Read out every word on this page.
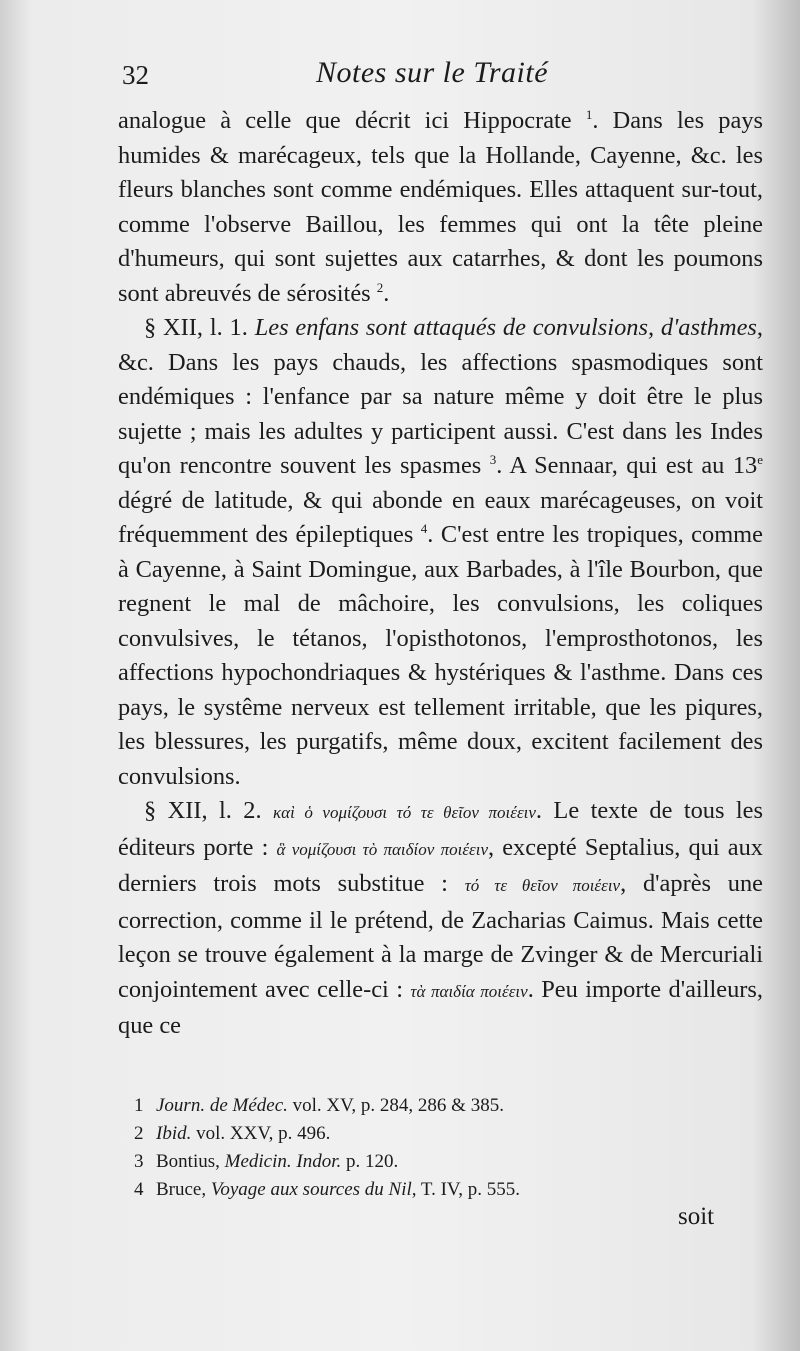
32	Notes sur le Traité

analogue à celle que décrit ici Hippocrate $^1$. Dans les pays humides & marécageux, tels que la Hollande, Cayenne, &c. les fleurs blanches sont comme endémiques. Elles attaquent sur-tout, comme l'observe Baillou, les femmes qui ont la tête pleine d'humeurs, qui sont sujettes aux catarrhes, & dont les poumons sont abreuvés de sérosités $^2$.

§ XII, l. 1. Les enfans sont attaqués de convulsions, d'asthmes, &c. Dans les pays chauds, les affections spasmodiques sont endémiques : l'enfance par sa nature même y doit être le plus sujette ; mais les adultes y participent aussi. C'est dans les Indes qu'on rencontre souvent les spasmes $^3$. A Sennaar, qui est au 13e dégré de latitude, & qui abonde en eaux marécageuses, on voit fréquemment des épileptiques $^4$. C'est entre les tropiques, comme à Cayenne, à Saint Domingue, aux Barbades, à l'île Bourbon, que regnent le mal de mâchoire, les convulsions, les coliques convulsives, le tétanos, l'opisthotonos, l'emprosthotonos, les affections hypochondriaques & hystériques & l'asthme. Dans ces pays, le systême nerveux est tellement irritable, que les piqures, les blessures, les purgatifs, même doux, excitent facilement des convulsions.

§ XII, l. 2. καὶ ὁ νομίζουσι τό τε θεῖον ποιέειν. Le texte de tous les éditeurs porte : ἃ νομίζουσι τὸ παιδίον ποιέειν, excepté Septalius, qui aux derniers trois mots substitue : τό τε θεῖον ποιέειν, d'après une correction, comme il le prétend, de Zacharias Caimus. Mais cette leçon se trouve également à la marge de Zvinger & de Mercuriali conjointement avec celle-ci : τὰ παιδία ποιέειν. Peu importe d'ailleurs, que ce

1 Journ. de Médec. vol. XV, p. 284, 286 & 385.
2 Ibid. vol. XXV, p. 496.
3 Bontius, Medicin. Indor. p. 120.
4 Bruce, Voyage aux sources du Nil, T. IV, p. 555.
soit
